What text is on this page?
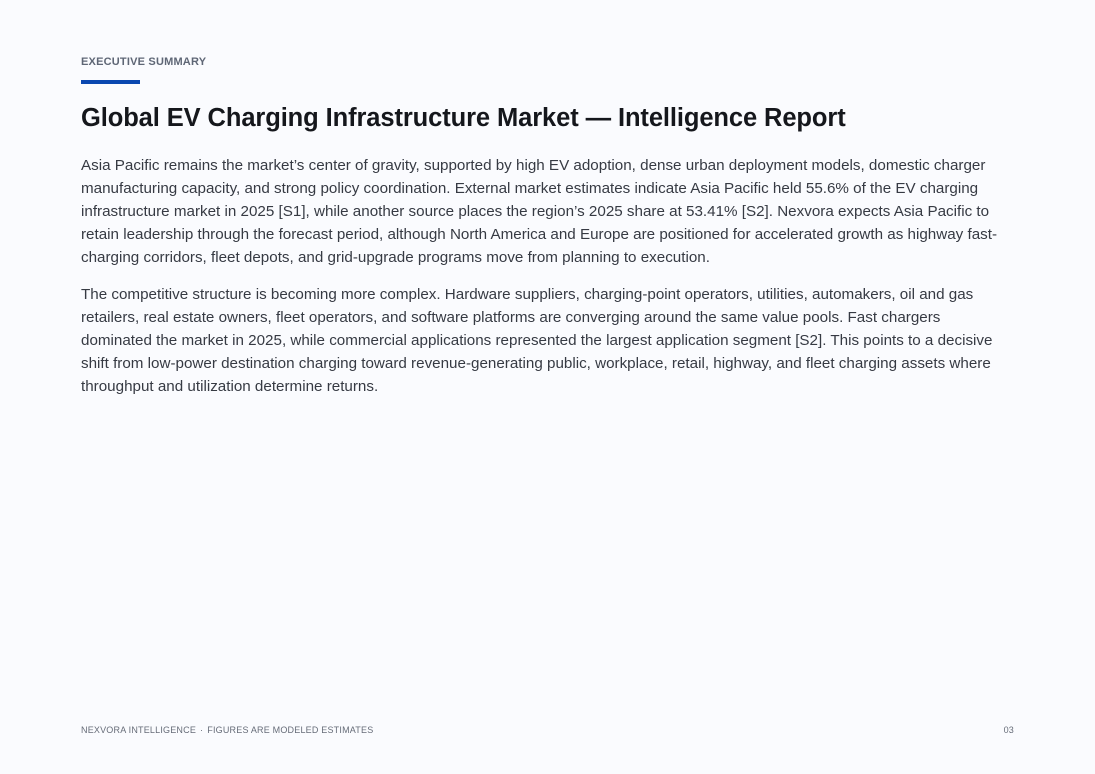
EXECUTIVE SUMMARY
Global EV Charging Infrastructure Market — Intelligence Report

Asia Pacific remains the market’s center of gravity, supported by high EV adoption, dense urban deployment models, domestic charger manufacturing capacity, and strong policy coordination. External market estimates indicate Asia Pacific held 55.6% of the EV charging infrastructure market in 2025 [S1], while another source places the region’s 2025 share at 53.41% [S2]. Nexvora expects Asia Pacific to retain leadership through the forecast period, although North America and Europe are positioned for accelerated growth as highway fast-charging corridors, fleet depots, and grid-upgrade programs move from planning to execution.

The competitive structure is becoming more complex. Hardware suppliers, charging-point operators, utilities, automakers, oil and gas retailers, real estate owners, fleet operators, and software platforms are converging around the same value pools. Fast chargers dominated the market in 2025, while commercial applications represented the largest application segment [S2]. This points to a decisive shift from low-power destination charging toward revenue-generating public, workplace, retail, highway, and fleet charging assets where throughput and utilization determine returns.

NEXVORA INTELLIGENCE · FIGURES ARE MODELED ESTIMATES	03
